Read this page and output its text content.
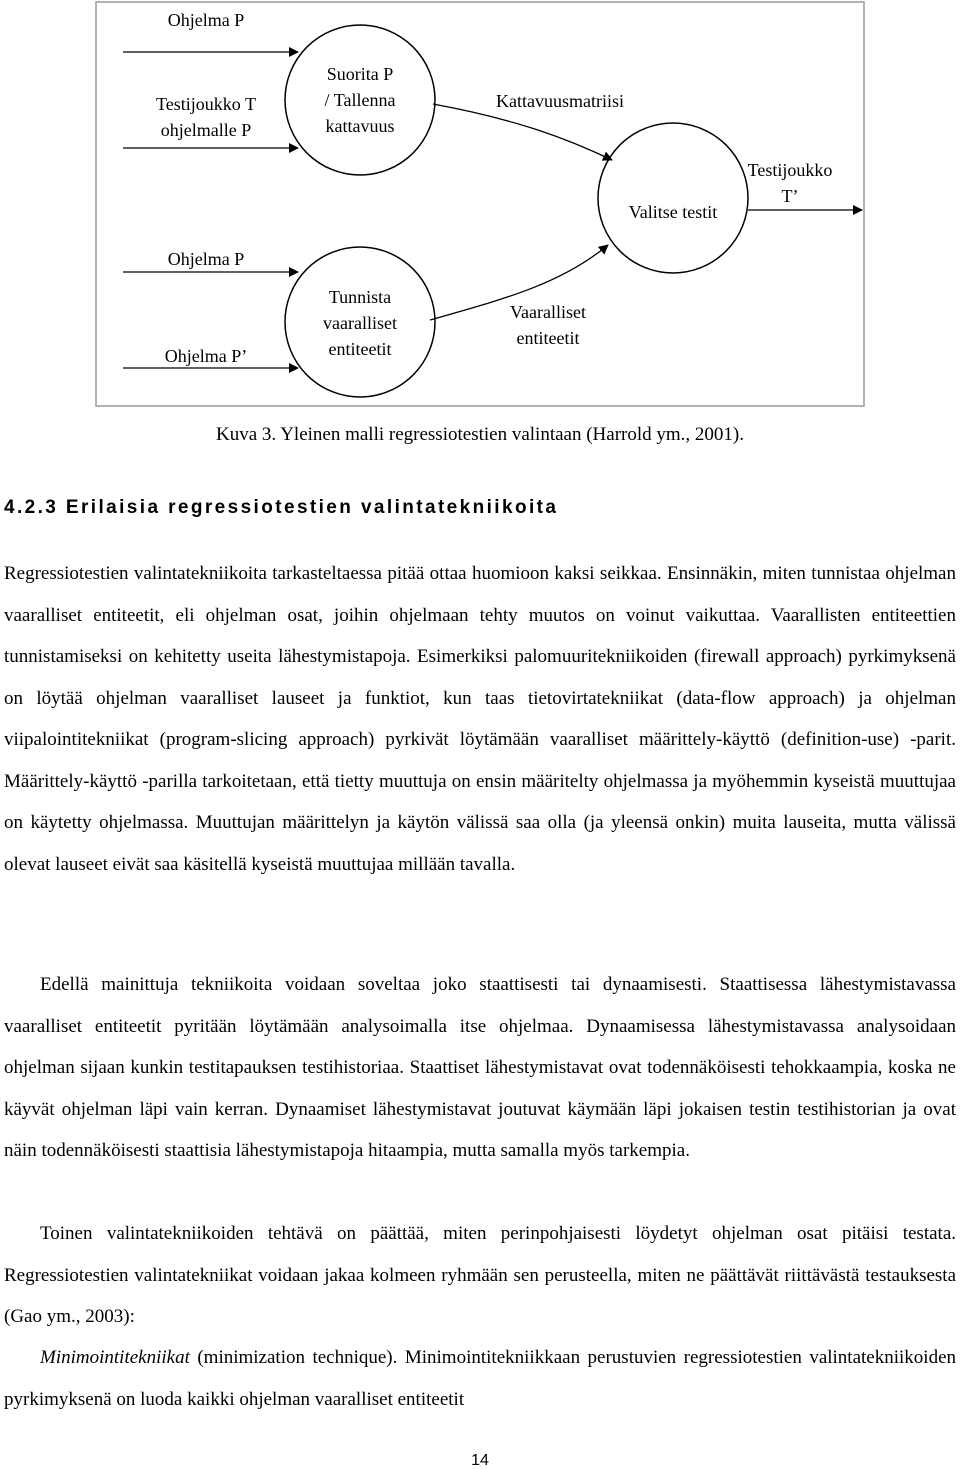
Ohjelma P
Testijoukko T
ohjelmalle P
Ohjelma P
Ohjelma P’
Suorita P
/ Tallenna
kattavuus
Tunnista
vaaralliset
entiteetit
Valitse testit
Kattavuusmatriisi
Vaaralliset
entiteetit
Testijoukko
T’
Kuva 3. Yleinen malli regressiotestien valintaan (Harrold ym., 2001).
4.2.3 Erilaisia regressiotestien valintatekniikoita

Regressiotestien valintatekniikoita tarkasteltaessa pitää ottaa huomioon kaksi seikkaa. Ensinnäkin, miten tunnistaa ohjelman vaaralliset entiteetit, eli ohjelman osat, joihin ohjelmaan tehty muutos on voinut vaikuttaa. Vaarallisten entiteettien tunnistamiseksi on kehitetty useita lähestymistapoja. Esimerkiksi palomuuritekniikoiden (firewall approach) pyrkimyksenä on löytää ohjelman vaaralliset lauseet ja funktiot, kun taas tietovirtatekniikat (data-flow approach) ja ohjelman viipalointitekniikat (program-slicing approach) pyrkivät löytämään vaaralliset määrittely-käyttö (definition-use) -parit. Määrittely-käyttö -parilla tarkoitetaan, että tietty muuttuja on ensin määritelty ohjelmassa ja myöhemmin kyseistä muuttujaa on käytetty ohjelmassa. Muuttujan määrittelyn ja käytön välissä saa olla (ja yleensä onkin) muita lauseita, mutta välissä olevat lauseet eivät saa käsitellä kyseistä muuttujaa millään tavalla.

Edellä mainittuja tekniikoita voidaan soveltaa joko staattisesti tai dynaamisesti. Staattisessa lähestymistavassa vaaralliset entiteetit pyritään löytämään analysoimalla itse ohjelmaa. Dynaamisessa lähestymistavassa analysoidaan ohjelman sijaan kunkin testitapauksen testihistoriaa. Staattiset lähestymistavat ovat todennäköisesti tehokkaampia, koska ne käyvät ohjelman läpi vain kerran. Dynaamiset lähestymistavat joutuvat käymään läpi jokaisen testin testihistorian ja ovat näin todennäköisesti staattisia lähestymistapoja hitaampia, mutta samalla myös tarkempia.

Toinen valintatekniikoiden tehtävä on päättää, miten perinpohjaisesti löydetyt ohjelman osat pitäisi testata. Regressiotestien valintatekniikat voidaan jakaa kolmeen ryhmään sen perusteella, miten ne päättävät riittävästä testauksesta (Gao ym., 2003):

Minimointitekniikat (minimization technique). Minimointitekniikkaan perustuvien regressiotestien valintatekniikoiden pyrkimyksenä on luoda kaikki ohjelman vaaralliset entiteetit

14
